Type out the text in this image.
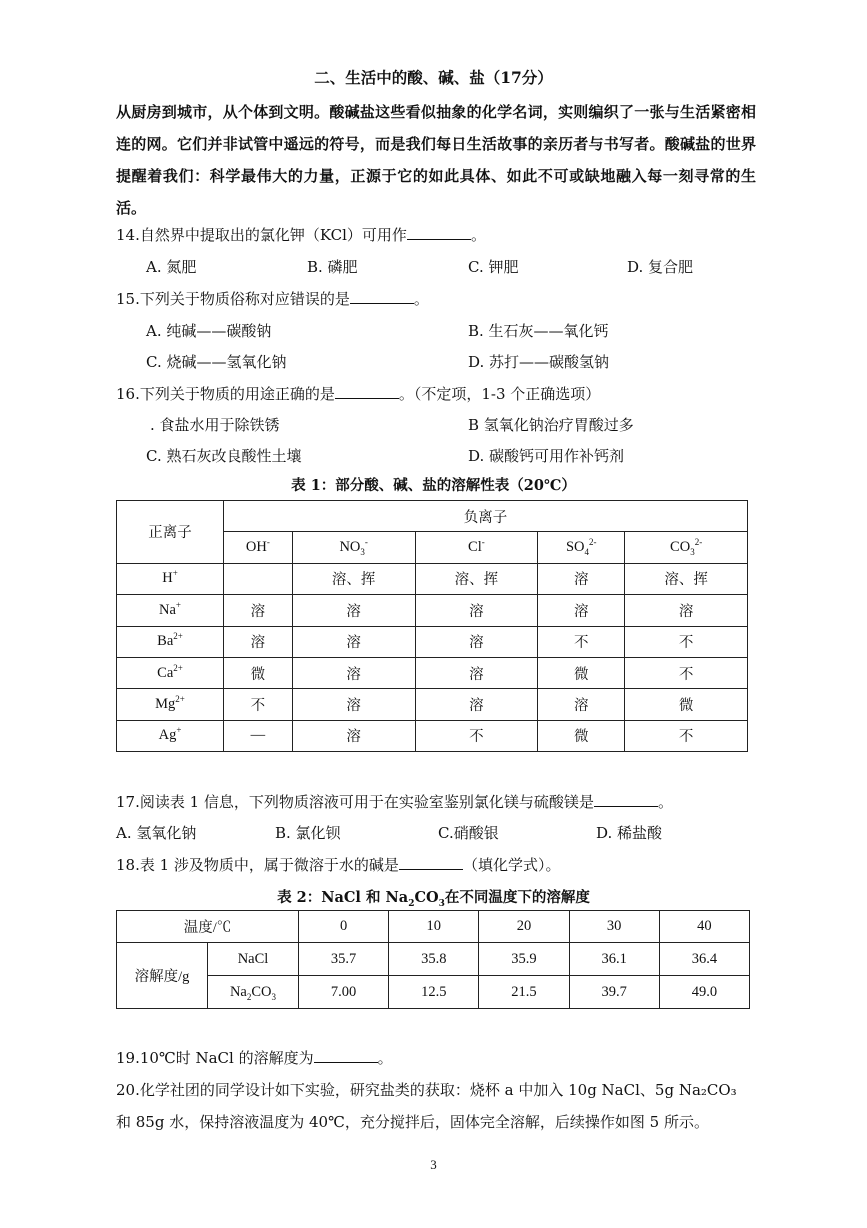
二、生活中的酸、碱、盐（17分）
从厨房到城市，从个体到文明。酸碱盐这些看似抽象的化学名词，实则编织了一张与生活紧密相连的网。它们并非试管中遥远的符号，而是我们每日生活故事的亲历者与书写者。酸碱盐的世界提醒着我们：科学最伟大的力量，正源于它的如此具体、如此不可或缺地融入每一刻寻常的生活。
14.自然界中提取出的氯化钾（KCl）可用作	。
A. 氮肥	B. 磷肥	C. 钾肥	D. 复合肥
15.下列关于物质俗称对应错误的是	。
A. 纯碱——碳酸钠	B. 生石灰——氧化钙
C. 烧碱——氢氧化钠	D. 苏打——碳酸氢钠
16.下列关于物质的用途正确的是	。（不定项，1-3 个正确选项）
. 食盐水用于除铁锈	B 氢氧化钠治疗胃酸过多
C. 熟石灰改良酸性土壤	D. 碳酸钙可用作补钙剂
表 1：部分酸、碱、盐的溶解性表（20℃）
正离子	负离子				
	OH-	$NO_3^-$	Cl-	$SO_4^{2-}$	$CO_3^{2-}$
H+		溶、挥	溶、挥	溶	溶、挥
Na+	溶	溶	溶	溶	溶
$Ba^{2+}$	溶	溶	溶	不	不
$Ca^{2+}$	微	溶	溶	微	不
$Mg^{2+}$	不	溶	溶	溶	微
Ag+	—	溶	不	微	不
17.阅读表 1 信息，下列物质溶液可用于在实验室鉴别氯化镁与硫酸镁是	。
A. 氢氧化钠	B. 氯化钡	C.硝酸银	D. 稀盐酸
18.表 1 涉及物质中，属于微溶于水的碱是	（填化学式）。
表 2：NaCl 和 $Na_2CO_3$在不同温度下的溶解度
温度/℃		0	10	20	30	40
溶解度/g	NaCl	35.7	35.8	35.9	36.1	36.4
	$Na_2CO_3$	7.00	12.5	21.5	39.7	49.0
19.10℃时 NaCl 的溶解度为	。
20.化学社团的同学设计如下实验，研究盐类的获取：烧杯 a 中加入 10g NaCl、5g Na₂CO₃
和 85g 水，保持溶液温度为 40℃，充分搅拌后，固体完全溶解，后续操作如图 5 所示。
3
